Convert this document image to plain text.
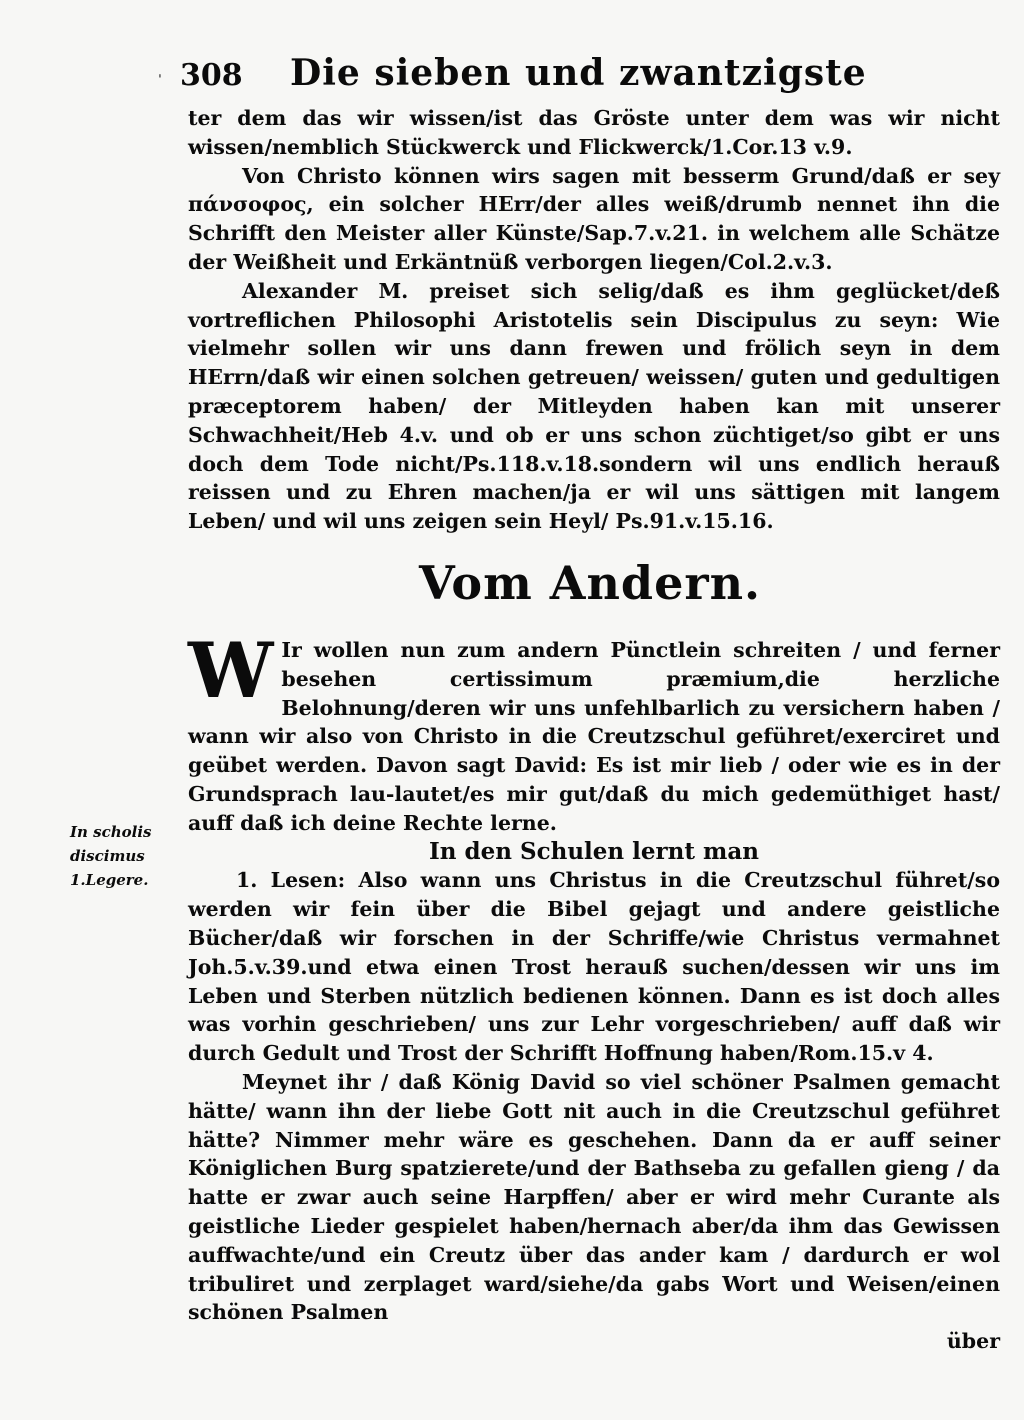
ˌ 308	Die sieben und zwantzigste

ter dem das wir wissen/ist das Gröste unter dem was wir nicht wissen/nemblich Stückwerck und Flickwerck/1.Cor.13 v.9.

Von Christo können wirs sagen mit besserm Grund/daß er sey πάνσοφος, ein solcher HErr/der alles weiß/drumb nennet ihn die Schrifft den Meister aller Künste/Sap.7.v.21. in welchem alle Schätze der Weißheit und Erkäntnüß verborgen liegen/Col.2.v.3.

Alexander M. preiset sich selig/daß es ihm geglücket/deß vortreflichen Philosophi Aristotelis sein Discipulus zu seyn: Wie vielmehr sollen wir uns dann frewen und frölich seyn in dem HErrn/daß wir einen solchen getreuen/ weissen/ guten und gedultigen præceptorem haben/ der Mitleyden haben kan mit unserer Schwachheit/Heb 4.v. und ob er uns schon züchtiget/so gibt er uns doch dem Tode nicht/Ps.118.v.18.sondern wil uns endlich herauß reissen und zu Ehren machen/ja er wil uns sättigen mit langem Leben/ und wil uns zeigen sein Heyl/ Ps.91.v.15.16.

Vom Andern.

W Ir wollen nun zum andern Pünctlein schreiten / und ferner besehen certissimum præmium,die herzliche Belohnung/deren wir uns unfehlbarlich zu versichern haben / wann wir also von Christo in die Creutzschul geführet/exerciret und geübet werden. Davon sagt David: Es ist mir lieb / oder wie es in der Grundsprach lau-lautet/es mir gut/daß du mich gedemüthiget hast/ auff daß ich deine Rechte lerne.

In den Schulen lernt man

1. Lesen: Also wann uns Christus in die Creutzschul führet/so werden wir fein über die Bibel gejagt und andere geistliche Bücher/daß wir forschen in der Schriffe/wie Christus vermahnet Joh.5.v.39.und etwa einen Trost herauß suchen/dessen wir uns im Leben und Sterben nützlich bedienen können. Dann es ist doch alles was vorhin geschrieben/ uns zur Lehr vorgeschrieben/ auff daß wir durch Gedult und Trost der Schrifft Hoffnung haben/Rom.15.v 4.

Meynet ihr / daß König David so viel schöner Psalmen gemacht hätte/ wann ihn der liebe Gott nit auch in die Creutzschul geführet hätte? Nimmer mehr wäre es geschehen. Dann da er auff seiner Königlichen Burg spatzierete/und der Bathseba zu gefallen gieng / da hatte er zwar auch seine Harpffen/ aber er wird mehr Curante als geistliche Lieder gespielet haben/hernach aber/da ihm das Gewissen auffwachte/und ein Creutz über das ander kam / dardurch er wol tribuliret und zerplaget ward/siehe/da gabs Wort und Weisen/einen schönen Psalmen

über

In scholis
discimus
1.Legere.
